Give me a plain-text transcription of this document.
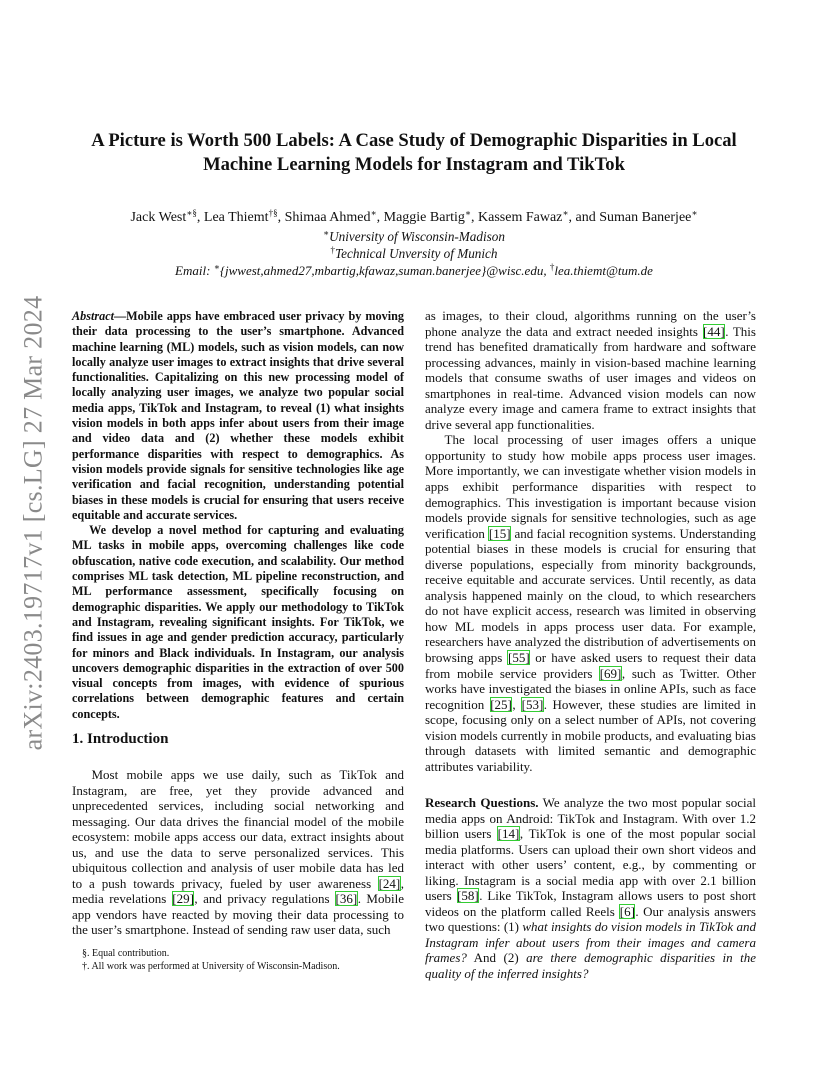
arXiv:2403.19717v1 [cs.LG] 27 Mar 2024
A Picture is Worth 500 Labels: A Case Study of Demographic Disparities in Local
Machine Learning Models for Instagram and TikTok
Jack West∗§, Lea Thiemt†§, Shimaa Ahmed∗, Maggie Bartig∗, Kassem Fawaz∗, and Suman Banerjee∗
∗University of Wisconsin-Madison
†Technical Unversity of Munich
Email: ∗{jwwest,ahmed27,mbartig,kfawaz,suman.banerjee}@wisc.edu, †lea.thiemt@tum.de

Abstract—Mobile apps have embraced user privacy by moving their data processing to the user’s smartphone. Advanced machine learning (ML) models, such as vision models, can now locally analyze user images to extract insights that drive several functionalities. Capitalizing on this new processing model of locally analyzing user images, we analyze two popular social media apps, TikTok and Instagram, to reveal (1) what insights vision models in both apps infer about users from their image and video data and (2) whether these models exhibit performance disparities with respect to demographics. As vision models provide signals for sensitive technologies like age verification and facial recognition, understanding potential biases in these models is crucial for ensuring that users receive equitable and accurate services.

We develop a novel method for capturing and evaluating ML tasks in mobile apps, overcoming challenges like code obfuscation, native code execution, and scalability. Our method comprises ML task detection, ML pipeline reconstruction, and ML performance assessment, specifically focusing on demographic disparities. We apply our methodology to TikTok and Instagram, revealing significant insights. For TikTok, we find issues in age and gender prediction accuracy, particularly for minors and Black individuals. In Instagram, our analysis uncovers demographic disparities in the extraction of over 500 visual concepts from images, with evidence of spurious correlations between demographic features and certain concepts.

1. Introduction

Most mobile apps we use daily, such as TikTok and Instagram, are free, yet they provide advanced and unprecedented services, including social networking and messaging. Our data drives the financial model of the mobile ecosystem: mobile apps access our data, extract insights about us, and use the data to serve personalized services. This ubiquitous collection and analysis of user mobile data has led to a push towards privacy, fueled by user awareness [24], media revelations [29], and privacy regulations [36]. Mobile app vendors have reacted by moving their data processing to the user’s smartphone. Instead of sending raw user data, such

§. Equal contribution.

†. All work was performed at University of Wisconsin-Madison.

as images, to their cloud, algorithms running on the user’s phone analyze the data and extract needed insights [44]. This trend has benefited dramatically from hardware and software processing advances, mainly in vision-based machine learning models that consume swaths of user images and videos on smartphones in real-time. Advanced vision models can now analyze every image and camera frame to extract insights that drive several app functionalities.

The local processing of user images offers a unique opportunity to study how mobile apps process user images. More importantly, we can investigate whether vision models in apps exhibit performance disparities with respect to demographics. This investigation is important because vision models provide signals for sensitive technologies, such as age verification [15] and facial recognition systems. Understanding potential biases in these models is crucial for ensuring that diverse populations, especially from minority backgrounds, receive equitable and accurate services. Until recently, as data analysis happened mainly on the cloud, to which researchers do not have explicit access, research was limited in observing how ML models in apps process user data. For example, researchers have analyzed the distribution of advertisements on browsing apps [55] or have asked users to request their data from mobile service providers [69], such as Twitter. Other works have investigated the biases in online APIs, such as face recognition [25], [53]. However, these studies are limited in scope, focusing only on a select number of APIs, not covering vision models currently in mobile products, and evaluating bias through datasets with limited semantic and demographic attributes variability.

Research Questions. We analyze the two most popular social media apps on Android: TikTok and Instagram. With over 1.2 billion users [14], TikTok is one of the most popular social media platforms. Users can upload their own short videos and interact with other users’ content, e.g., by commenting or liking. Instagram is a social media app with over 2.1 billion users [58]. Like TikTok, Instagram allows users to post short videos on the platform called Reels [6]. Our analysis answers two questions: (1) what insights do vision models in TikTok and Instagram infer about users from their images and camera frames? And (2) are there demographic disparities in the quality of the inferred insights?
